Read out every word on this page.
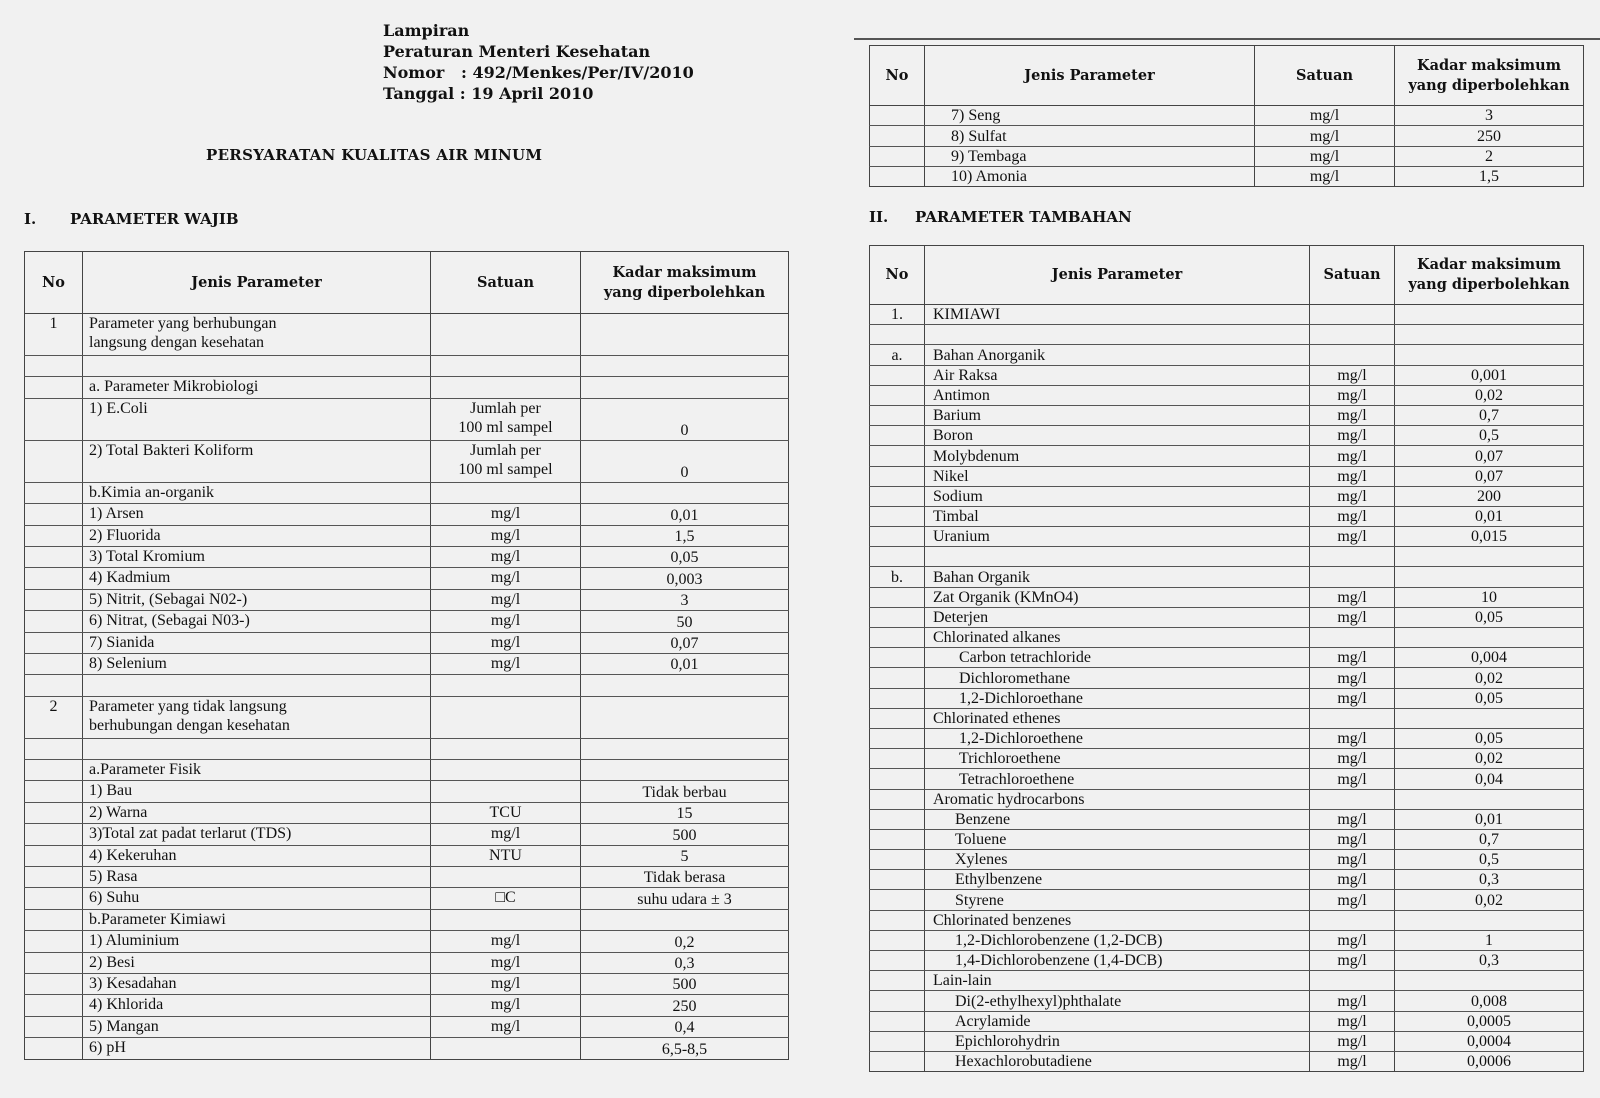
Lampiran
Peraturan Menteri Kesehatan
Nomor   : 492/Menkes/Per/IV/2010
Tanggal : 19 April 2010
PERSYARATAN KUALITAS AIR MINUM
I. PARAMETER WAJIB	II. PARAMETER TAMBAHAN
No	Jenis Parameter	Satuan	Kadar maksimum
yang diperbolehkan
1	Parameter yang berhubungan
langsung dengan kesehatan		

	a. Parameter Mikrobiologi		

	1) E.Coli	Jumlah per
100 ml sampel	0

	2) Total Bakteri Koliform	Jumlah per
100 ml sampel	0

	b.Kimia an-organik		

	1) Arsen	mg/l	0,01

	2) Fluorida	mg/l	1,5

	3) Total Kromium	mg/l	0,05

	4) Kadmium	mg/l	0,003

	5) Nitrit, (Sebagai N02-)	mg/l	3

	6) Nitrat, (Sebagai N03-)	mg/l	50

	7) Sianida	mg/l	0,07

	8) Selenium	mg/l	0,01

2	Parameter yang tidak langsung
berhubungan dengan kesehatan		

	a.Parameter Fisik		

	1) Bau		Tidak berbau

	2) Warna	TCU	15

	3)Total zat padat terlarut (TDS)	mg/l	500

	4) Kekeruhan	NTU	5

	5) Rasa		Tidak berasa

	6) Suhu	□C	suhu udara ± 3

	b.Parameter Kimiawi		

	1) Aluminium	mg/l	0,2

	2) Besi	mg/l	0,3

	3) Kesadahan	mg/l	500

	4) Khlorida	mg/l	250

	5) Mangan	mg/l	0,4

	6) pH		6,5-8,5
No	Jenis Parameter	Satuan	Kadar maksimum
yang diperbolehkan
	7) Seng	mg/l	3
	8) Sulfat	mg/l	250
	9) Tembaga	mg/l	2
	10) Amonia	mg/l	1,5
No	Jenis Parameter	Satuan	Kadar maksimum
yang diperbolehkan
1.	KIMIAWI		

a.	Bahan Anorganik		
	Air Raksa	mg/l	0,001
	Antimon	mg/l	0,02
	Barium	mg/l	0,7
	Boron	mg/l	0,5
	Molybdenum	mg/l	0,07
	Nikel	mg/l	0,07
	Sodium	mg/l	200
	Timbal	mg/l	0,01
	Uranium	mg/l	0,015

b.	Bahan Organik		
	Zat Organik (KMnO4)	mg/l	10
	Deterjen	mg/l	0,05
	Chlorinated alkanes		
	Carbon tetrachloride	mg/l	0,004
	Dichloromethane	mg/l	0,02
	1,2-Dichloroethane	mg/l	0,05
	Chlorinated ethenes		
	1,2-Dichloroethene	mg/l	0,05
	Trichloroethene	mg/l	0,02
	Tetrachloroethene	mg/l	0,04
	Aromatic hydrocarbons		
	Benzene	mg/l	0,01
	Toluene	mg/l	0,7
	Xylenes	mg/l	0,5
	Ethylbenzene	mg/l	0,3
	Styrene	mg/l	0,02
	Chlorinated benzenes		
	1,2-Dichlorobenzene (1,2-DCB)	mg/l	1
	1,4-Dichlorobenzene (1,4-DCB)	mg/l	0,3
	Lain-lain		
	Di(2-ethylhexyl)phthalate	mg/l	0,008
	Acrylamide	mg/l	0,0005
	Epichlorohydrin	mg/l	0,0004
	Hexachlorobutadiene	mg/l	0,0006
